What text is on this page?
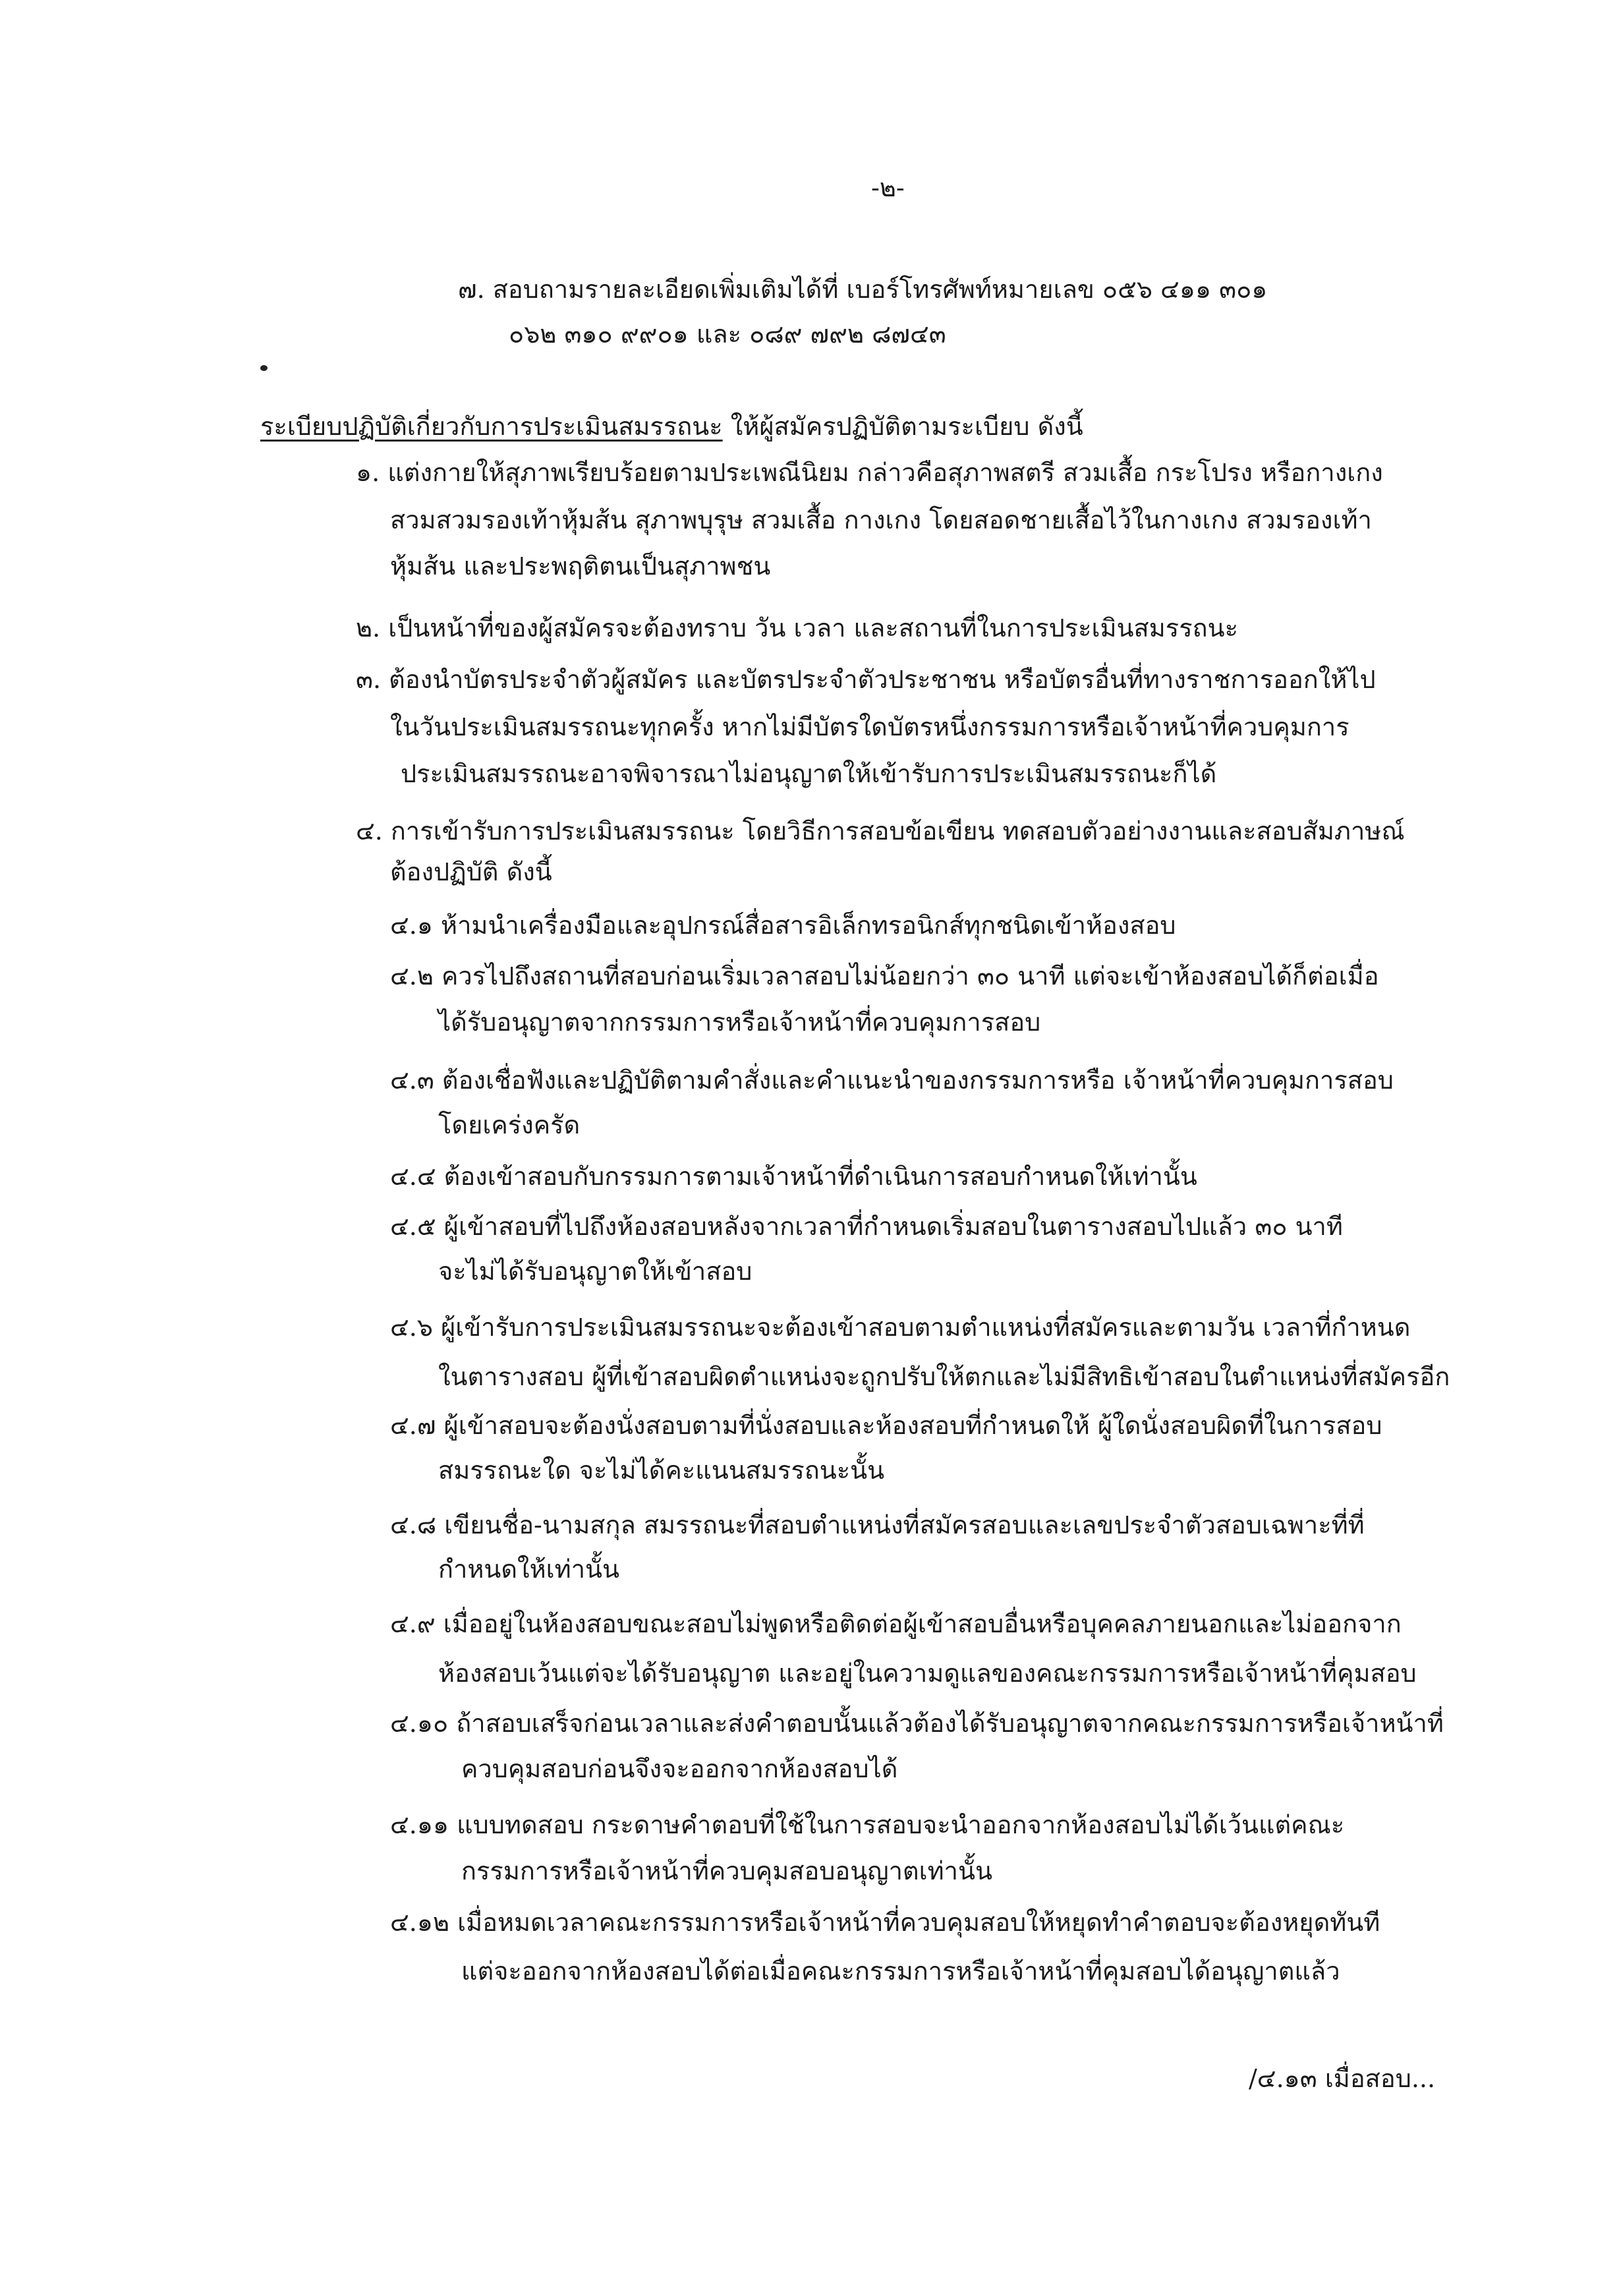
-๒-
๗. สอบถามรายละเอียดเพิ่มเติมได้ที่ เบอร์โทรศัพท์หมายเลข ๐๕๖ ๔๑๑ ๓๐๑
๐๖๒ ๓๑๐ ๙๙๐๑ และ ๐๘๙ ๗๙๒ ๘๗๔๓
ระเบียบปฏิบัติเกี่ยวกับการประเมินสมรรถนะ ให้ผู้สมัครปฏิบัติตามระเบียบ ดังนี้
๑. แต่งกายให้สุภาพเรียบร้อยตามประเพณีนิยม กล่าวคือสุภาพสตรี สวมเสื้อ กระโปรง หรือกางเกง
สวมสวมรองเท้าหุ้มส้น สุภาพบุรุษ สวมเสื้อ กางเกง โดยสอดชายเสื้อไว้ในกางเกง สวมรองเท้า
หุ้มส้น และประพฤติตนเป็นสุภาพชน
๒. เป็นหน้าที่ของผู้สมัครจะต้องทราบ วัน เวลา และสถานที่ในการประเมินสมรรถนะ
๓. ต้องนำบัตรประจำตัวผู้สมัคร และบัตรประจำตัวประชาชน หรือบัตรอื่นที่ทางราชการออกให้ไป
ในวันประเมินสมรรถนะทุกครั้ง หากไม่มีบัตรใดบัตรหนึ่งกรรมการหรือเจ้าหน้าที่ควบคุมการ
ประเมินสมรรถนะอาจพิจารณาไม่อนุญาตให้เข้ารับการประเมินสมรรถนะก็ได้
๔. การเข้ารับการประเมินสมรรถนะ โดยวิธีการสอบข้อเขียน ทดสอบตัวอย่างงานและสอบสัมภาษณ์
ต้องปฏิบัติ ดังนี้
๔.๑ ห้ามนำเครื่องมือและอุปกรณ์สื่อสารอิเล็กทรอนิกส์ทุกชนิดเข้าห้องสอบ
๔.๒ ควรไปถึงสถานที่สอบก่อนเริ่มเวลาสอบไม่น้อยกว่า ๓๐ นาที แต่จะเข้าห้องสอบได้ก็ต่อเมื่อ
ได้รับอนุญาตจากกรรมการหรือเจ้าหน้าที่ควบคุมการสอบ
๔.๓ ต้องเชื่อฟังและปฏิบัติตามคำสั่งและคำแนะนำของกรรมการหรือ เจ้าหน้าที่ควบคุมการสอบ
โดยเคร่งครัด
๔.๔ ต้องเข้าสอบกับกรรมการตามเจ้าหน้าที่ดำเนินการสอบกำหนดให้เท่านั้น
๔.๕ ผู้เข้าสอบที่ไปถึงห้องสอบหลังจากเวลาที่กำหนดเริ่มสอบในตารางสอบไปแล้ว ๓๐ นาที
จะไม่ได้รับอนุญาตให้เข้าสอบ
๔.๖ ผู้เข้ารับการประเมินสมรรถนะจะต้องเข้าสอบตามตำแหน่งที่สมัครและตามวัน เวลาที่กำหนด
ในตารางสอบ ผู้ที่เข้าสอบผิดตำแหน่งจะถูกปรับให้ตกและไม่มีสิทธิเข้าสอบในตำแหน่งที่สมัครอีก
๔.๗ ผู้เข้าสอบจะต้องนั่งสอบตามที่นั่งสอบและห้องสอบที่กำหนดให้ ผู้ใดนั่งสอบผิดที่ในการสอบ
สมรรถนะใด จะไม่ได้คะแนนสมรรถนะนั้น
๔.๘ เขียนชื่อ-นามสกุล สมรรถนะที่สอบตำแหน่งที่สมัครสอบและเลขประจำตัวสอบเฉพาะที่ที่
กำหนดให้เท่านั้น
๔.๙ เมื่ออยู่ในห้องสอบขณะสอบไม่พูดหรือติดต่อผู้เข้าสอบอื่นหรือบุคคลภายนอกและไม่ออกจาก
ห้องสอบเว้นแต่จะได้รับอนุญาต และอยู่ในความดูแลของคณะกรรมการหรือเจ้าหน้าที่คุมสอบ
๔.๑๐ ถ้าสอบเสร็จก่อนเวลาและส่งคำตอบนั้นแล้วต้องได้รับอนุญาตจากคณะกรรมการหรือเจ้าหน้าที่
ควบคุมสอบก่อนจึงจะออกจากห้องสอบได้
๔.๑๑ แบบทดสอบ กระดาษคำตอบที่ใช้ในการสอบจะนำออกจากห้องสอบไม่ได้เว้นแต่คณะ
กรรมการหรือเจ้าหน้าที่ควบคุมสอบอนุญาตเท่านั้น
๔.๑๒ เมื่อหมดเวลาคณะกรรมการหรือเจ้าหน้าที่ควบคุมสอบให้หยุดทำคำตอบจะต้องหยุดทันที
แต่จะออกจากห้องสอบได้ต่อเมื่อคณะกรรมการหรือเจ้าหน้าที่คุมสอบได้อนุญาตแล้ว
/๔.๑๓ เมื่อสอบ...
